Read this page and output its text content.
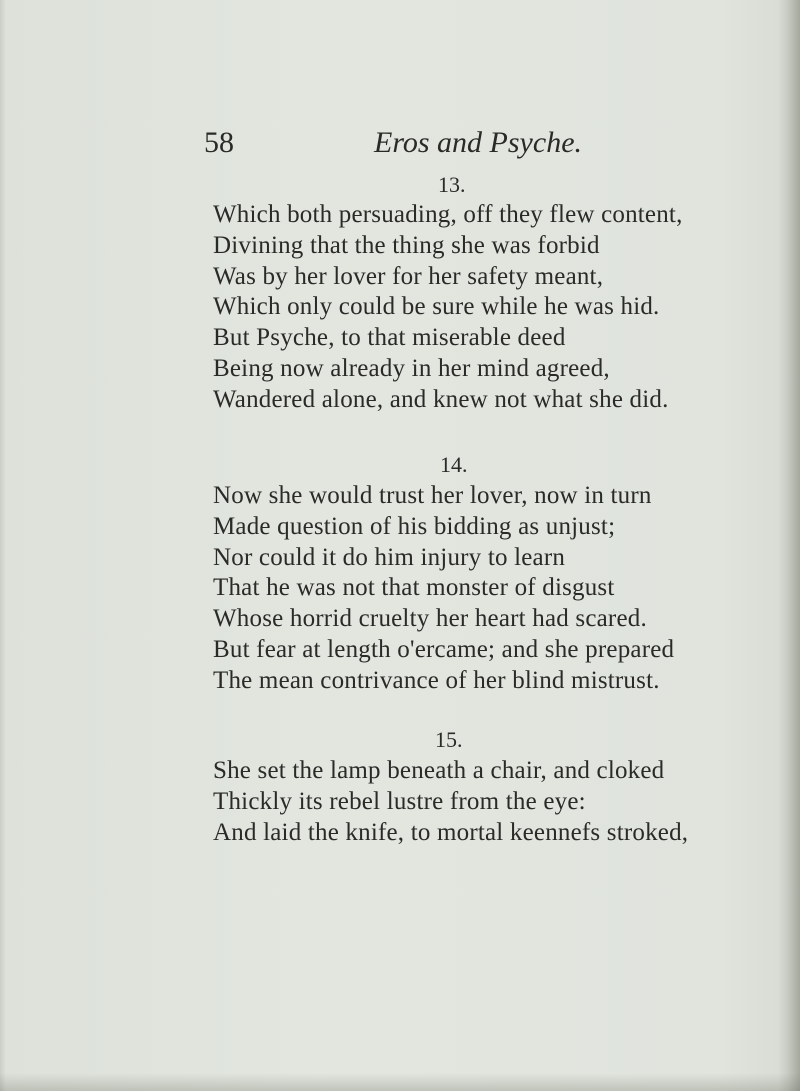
58	Eros and Psyche.
13.
Which both persuading, off they flew content,
Divining that the thing she was forbid
Was by her lover for her safety meant,
Which only could be sure while he was hid.
But Psyche, to that miserable deed
Being now already in her mind agreed,
Wandered alone, and knew not what she did.
14.
Now she would trust her lover, now in turn
Made question of his bidding as unjust;
Nor could it do him injury to learn
That he was not that monster of disgust
Whose horrid cruelty her heart had scared.
But fear at length o'ercame; and she prepared
The mean contrivance of her blind mistrust.
15.
She set the lamp beneath a chair, and cloked
Thickly its rebel lustre from the eye:
And laid the knife, to mortal keennefs stroked,
